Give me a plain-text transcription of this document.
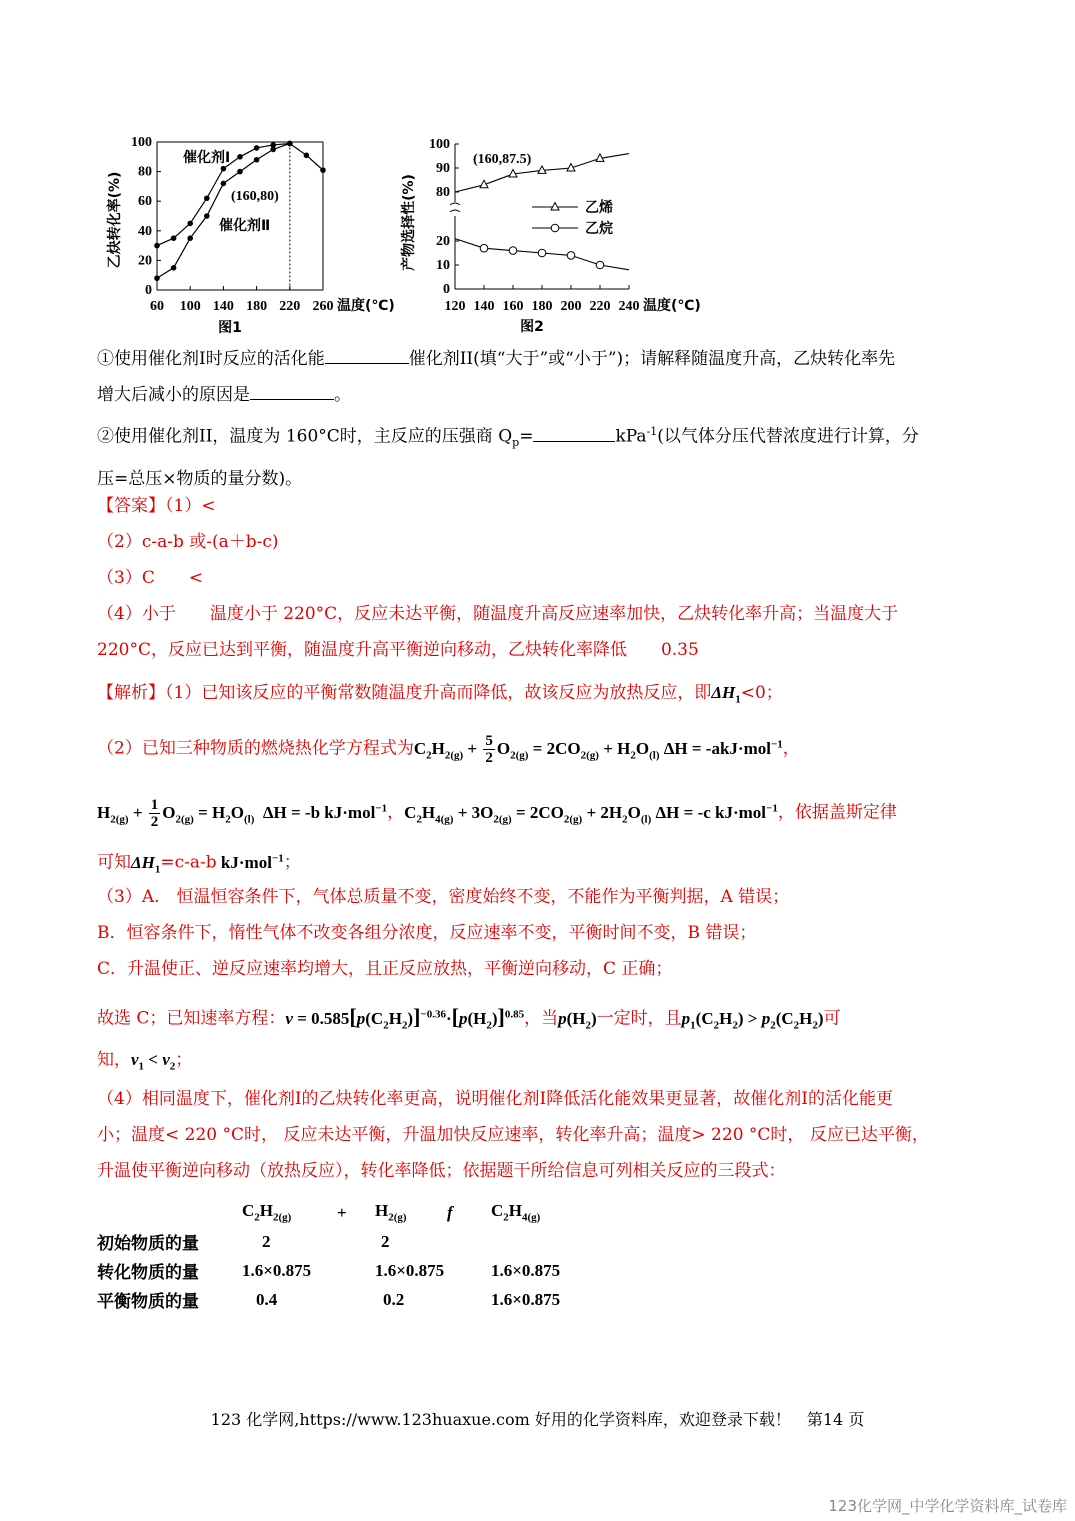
0
20
40
60
80
100
60 100 140 180 220 260 温度(℃)
乙炔转化率(%)
图1
催化剂I
催化剂Ⅱ
(160,80)
0
10
20
80
90
100
120 140 160 180 200 220 240 温度(℃)
产物选择性(%)
图2
乙烯
乙烷
(160,87.5)
①使用催化剂I时反应的活化能	催化剂II(填“大于”或“小于”)；请解释随温度升高，乙炔转化率先
增大后减小的原因是	。
②使用催化剂II，温度为 160°C时，主反应的压强商 $Q_p=$	kPa$^{-1}$(以气体分压代替浓度进行计算，分
压=总压×物质的量分数)。
【答案】（1）<
（2）c-a-b 或-(a＋b-c)
（3）C　　<
（4）小于　　温度小于 220°C，反应未达平衡，随温度升高反应速率加快，乙炔转化率升高；当温度大于
220°C，反应已达到平衡，随温度升高平衡逆向移动，乙炔转化率降低　　0.35
【解析】（1）已知该反应的平衡常数随温度升高而降低，故该反应为放热反应，即$\Delta H_1<0$；
（2）已知三种物质的燃烧热化学方程式为$C_2H_{2(g)} + \frac{5}{2} O_{2(g)} = 2CO_{2(g)} + H_2O_{(l)}$ ΔH = -akJ·mol$^{-1}$，
$H_{2(g)} + \frac{1}{2} O_{2(g)} = H_2O_{(l)}$  ΔH = -b kJ·mol$^{-1}$，$C_2H_{4(g)} + 3O_{2(g)} = 2CO_{2(g)} + 2H_2O_{(l)}$ ΔH = -c kJ·mol$^{-1}$，依据盖斯定律
可知$\Delta H_1=c-a-b$ kJ·mol$^{-1}$；
（3）A.　恒温恒容条件下，气体总质量不变，密度始终不变，不能作为平衡判据，A 错误；
B．恒容条件下，惰性气体不改变各组分浓度，反应速率不变，平衡时间不变，B 错误；
C．升温使正、逆反应速率均增大，且正反应放热，平衡逆向移动，C 正确；
故选 C；已知速率方程：$v = 0.585[p(C_2H_2)]^{-0.36}\cdot[p(H_2)]^{0.85}$，当$p(H_2)$一定时，且$p_1(C_2H_2) > p_2(C_2H_2)$可
知，$v_1 < v_2$；
（4）相同温度下，催化剂I的乙炔转化率更高，说明催化剂I降低活化能效果更显著，故催化剂I的活化能更
小；温度< 220 °C时， 反应未达平衡，升温加快反应速率，转化率升高；温度> 220 °C时， 反应已达平衡，
升温使平衡逆向移动（放热反应），转化率降低；依据题干所给信息可列相关反应的三段式：
	$C_2H_{2(g)}$	+	$H_{2(g)}$	f	$C_2H_{4(g)}$
初始物质的量	2		2		
转化物质的量	1.6×0.875		1.6×0.875		1.6×0.875
平衡物质的量	0.4		0.2		1.6×0.875
123 化学网,https://www.123huaxue.com 好用的化学资料库，欢迎登录下载！　第14 页
123化学网_中学化学资料库_试卷库
